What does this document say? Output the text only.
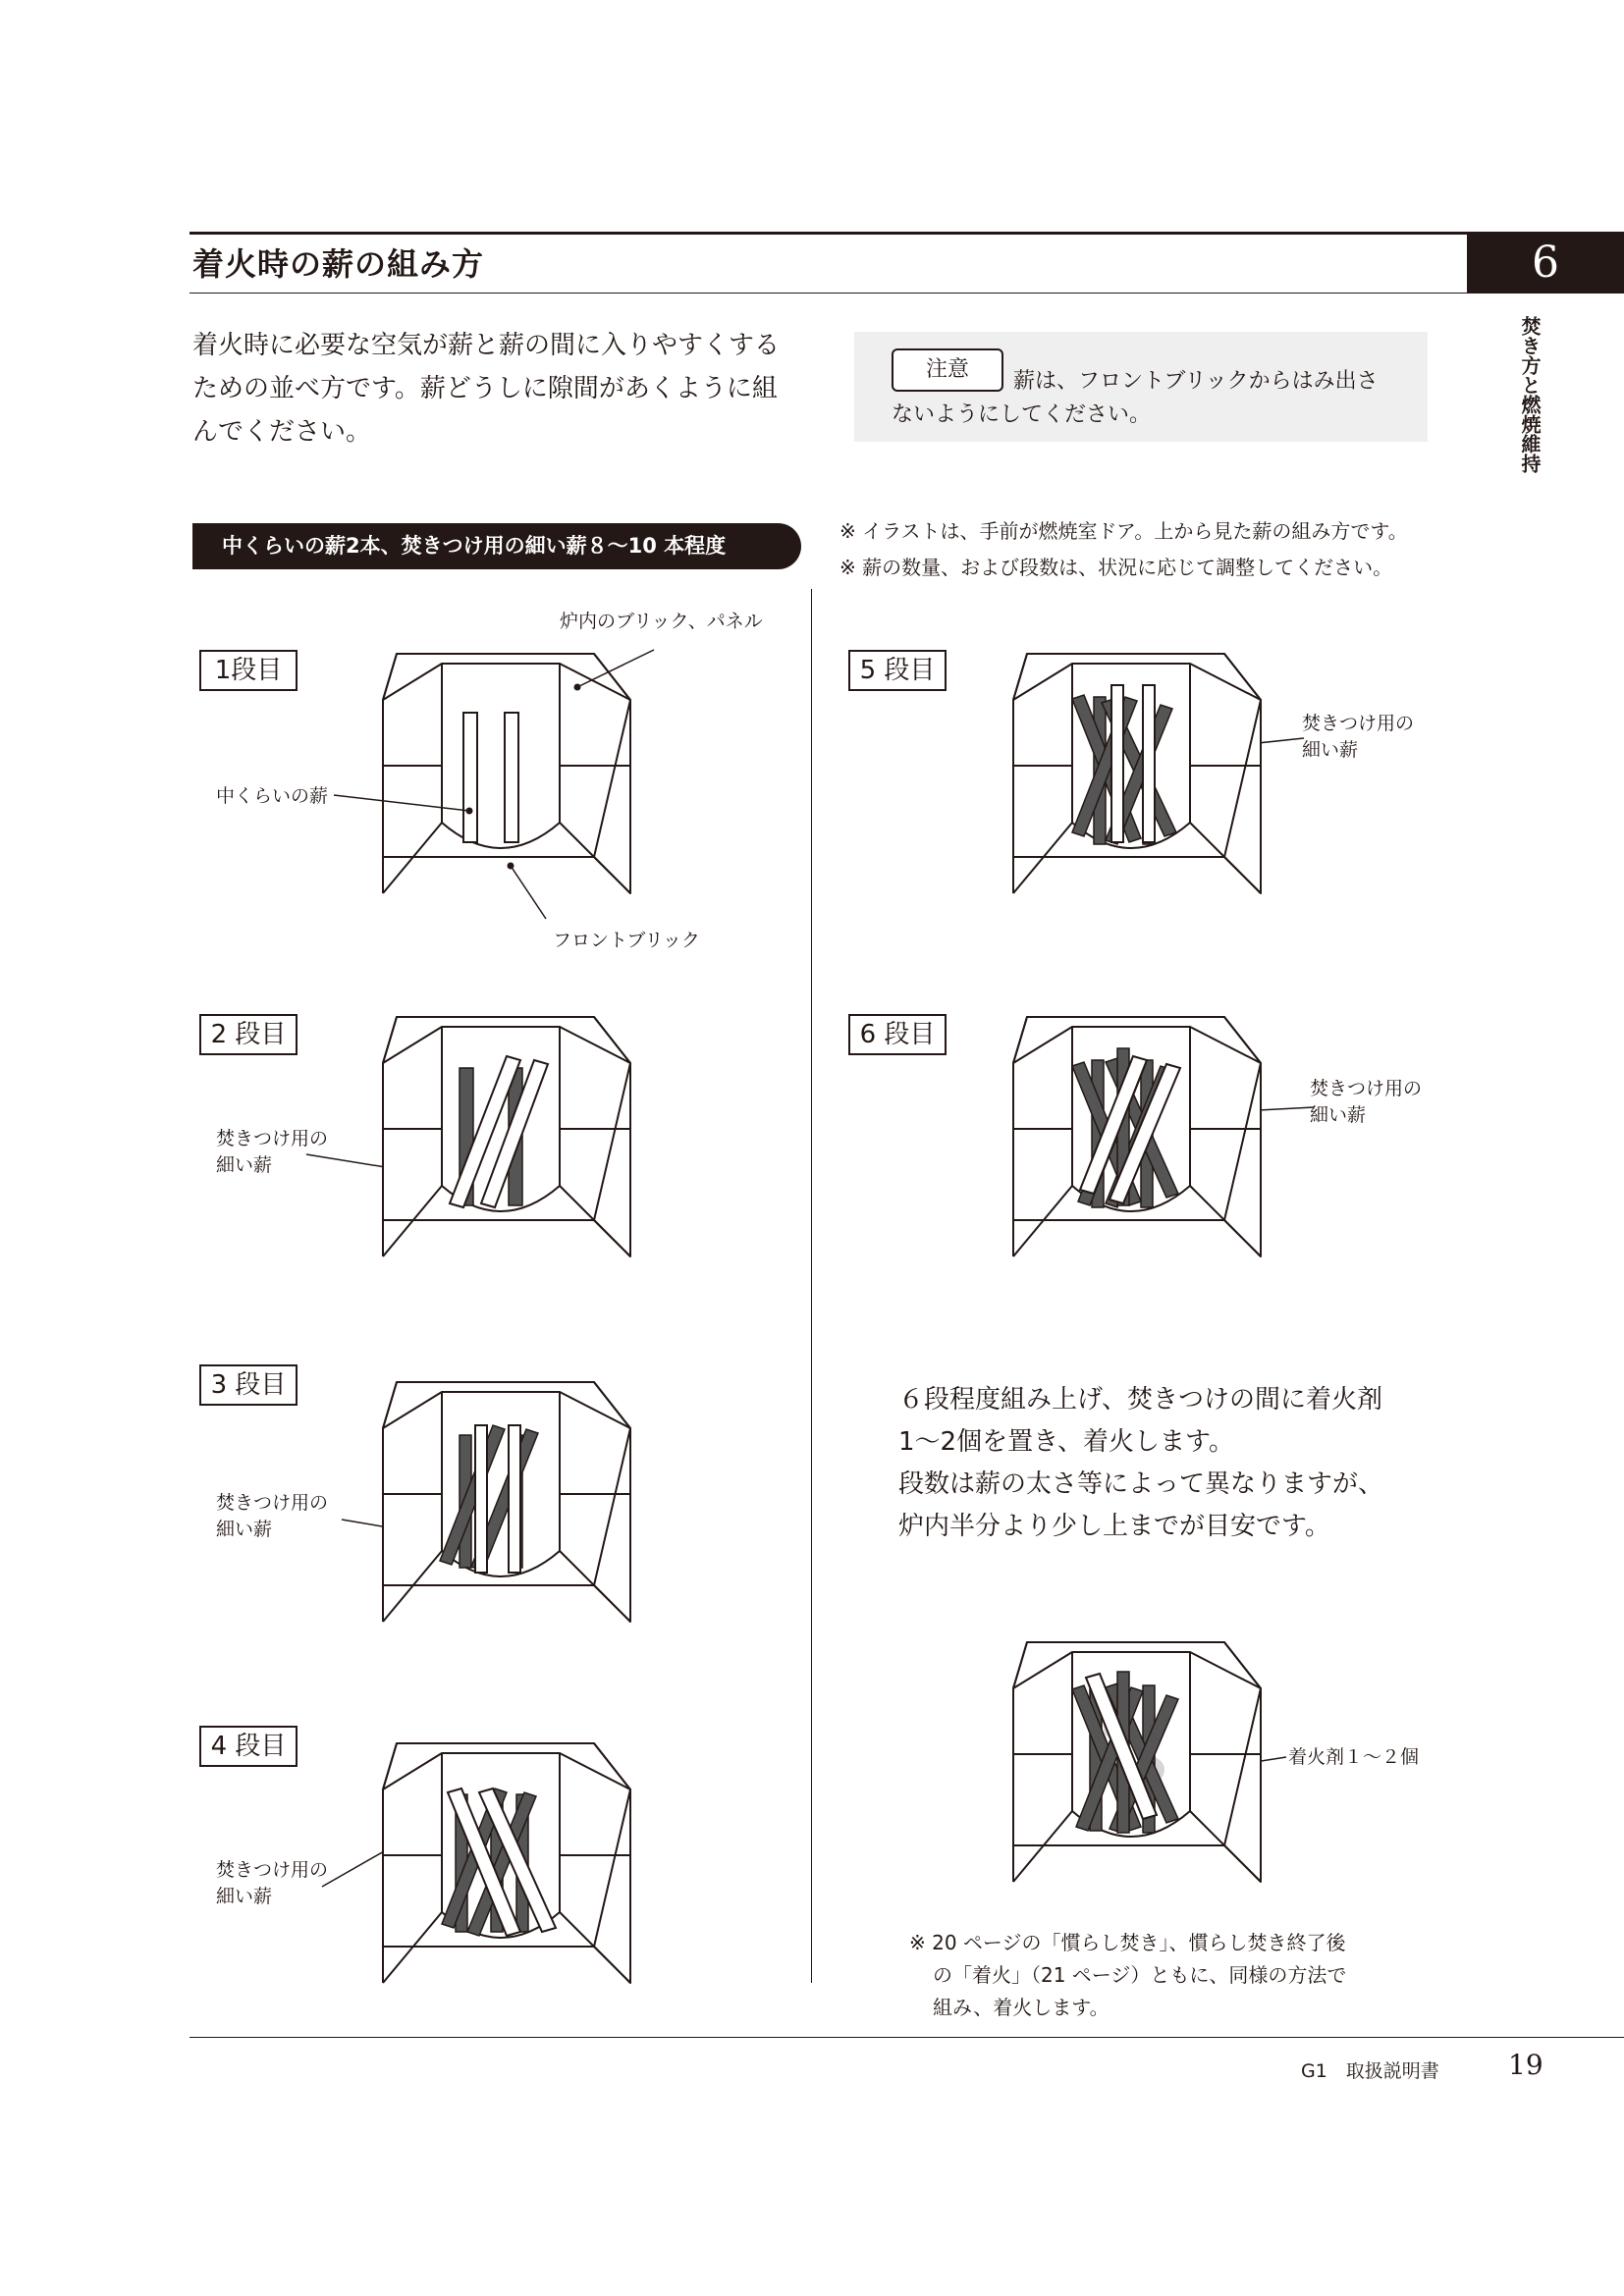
着火時の薪の組み方	6
焚き方と燃焼維持
着火時に必要な空気が薪と薪の間に入りやすくする
ための並べ方です。薪どうしに隙間があくように組
んでください。
注意	薪は、フロントブリックからはみ出さ
ないようにしてください。
中くらいの薪2本、焚きつけ用の細い薪８～10 本程度
※ イラストは、手前が燃焼室ドア。上から見た薪の組み方です。
※ 薪の数量、および段数は、状況に応じて調整してください。
1段目
炉内のブリック、パネル
中くらいの薪
フロントブリック
2 段目
焚きつけ用の
細い薪
3 段目
焚きつけ用の
細い薪
4 段目
焚きつけ用の
細い薪
5 段目
焚きつけ用の
細い薪
6 段目
焚きつけ用の
細い薪
６段程度組み上げ、焚きつけの間に着火剤
1～2個を置き、着火します。
段数は薪の太さ等によって異なりますが、
炉内半分より少し上までが目安です。
着火剤１～２個
※ 20 ページの「慣らし焚き」、慣らし焚き終了後
の「着火」（21 ページ）ともに、同様の方法で
組み、着火します。
G1　取扱説明書	19
